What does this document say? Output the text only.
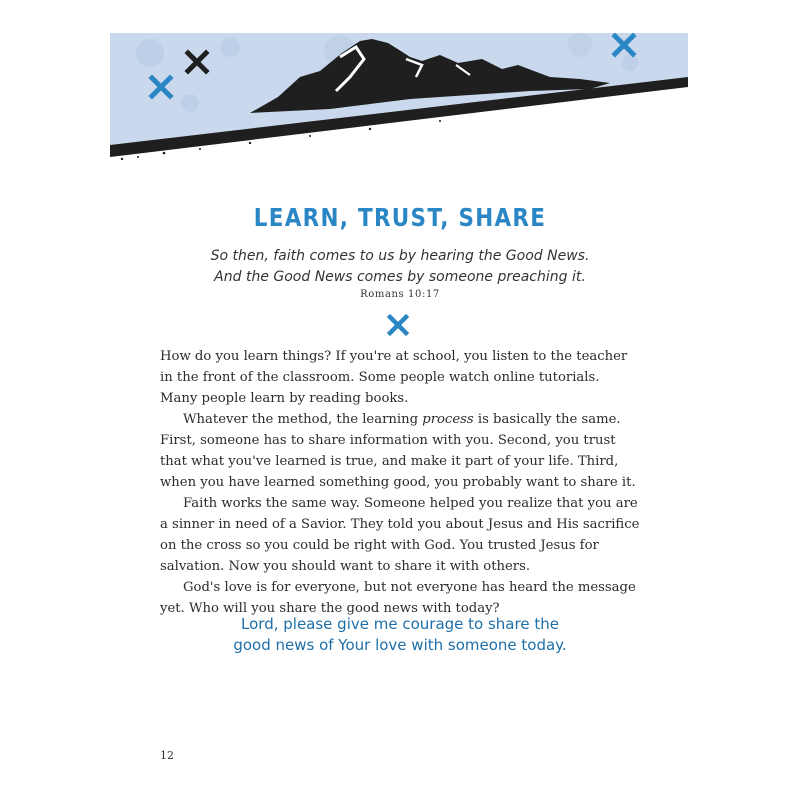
LEARN, TRUST, SHARE
So then, faith comes to us by hearing the Good News.
And the Good News comes by someone preaching it.
Romans 10:17

How do you learn things? If you're at school, you listen to the teacher in the front of the classroom. Some people watch online tutorials. Many people learn by reading books.

Whatever the method, the learning process is basically the same. First, someone has to share information with you. Second, you trust that what you've learned is true, and make it part of your life. Third, when you have learned something good, you probably want to share it.

Faith works the same way. Someone helped you realize that you are a sinner in need of a Savior. They told you about Jesus and His sacrifice on the cross so you could be right with God. You trusted Jesus for salvation. Now you should want to share it with others.

God's love is for everyone, but not everyone has heard the message yet. Who will you share the good news with today?

Lord, please give me courage to share the
good news of Your love with someone today.
12
